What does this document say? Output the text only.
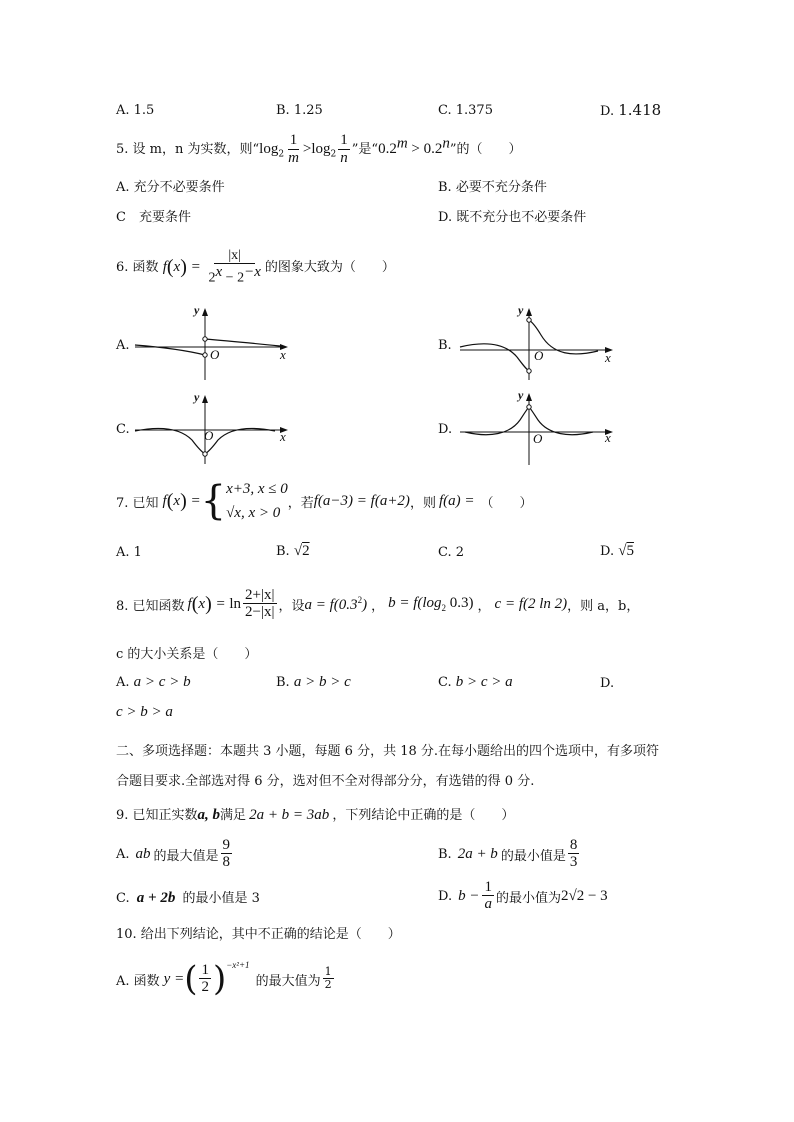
A. 1.5	B. 1.25	C. 1.375	D. 1.418
5. 设 m，n 为实数，则“$\log_2 \frac{1}{m} >\log_2 \frac{1}{n}$ ”是“$0.2^m > 0.2^n$”的（　　）
A. 充分不必要条件	B. 必要不充分条件
C　充要条件	D. 既不充分也不必要条件
6. 函数 $f(x) = \frac{|x|}{2^x - 2^{-x}}$ 的图象大致为（　　）
A.
y
x
O
B.
y
x
O
C.
y
x
O	D.
y
x
O
7. 已知 f(x) = { x+3, x ≤ 0
√x, x > 0
，若 f(a−3) = f(a+2) ，则 f(a) = （　　）
A. 1	B. √2	C. 2	D. √5
8. 已知函数 $f(x) = \ln \frac{2+|x|}{2-|x|}$ ，设 $a = f(0.3^2)$ ， $b = f(\log_2$ 0.3) ， c = f(2 ln 2) ，则 a，b，
c 的大小关系是（　　）
A. a > c > b	B. a > b > c	C. b > c > a	D.
c > b > a
二、多项选择题：本题共 3 小题，每题 6 分，共 18 分.在每小题给出的四个选项中，有多项符
合题目要求.全部选对得 6 分，选对但不全对得部分分，有选错的得 0 分.
9. 已知正实数a, b满足 2a + b = 3ab ，下列结论中正确的是（　　）
A. ab 的最大值是 $\frac{9}{8}$	B. 2a + b 的最小值是 $\frac{8}{3}$
C. a + 2b 的最小值是 3	D. $b - \frac{1}{a}$ 的最小值为 2√2 − 3
10. 给出下列结论，其中不正确的结论是（　　）
A. 函数 y = ( $\frac{1}{2}$ ) −x²+1
的最大值为 $\frac{1}{2}$
